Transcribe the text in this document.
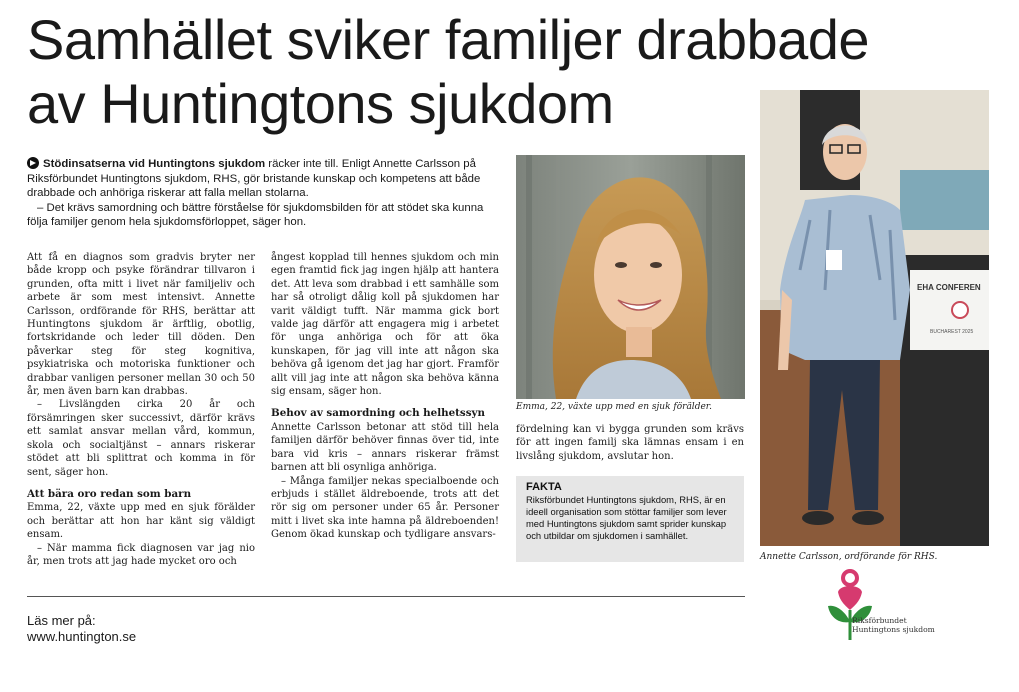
Samhället sviker familjer drabbade
av Huntingtons sjukdom

Stödinsatserna vid Huntingtons sjukdom räcker inte till. Enligt Annette Carlsson på Riksförbundet Huntingtons sjukdom, RHS, gör bristande kunskap och kompetens att både drabbade och anhöriga riskerar att falla mellan stolarna.

– Det krävs samordning och bättre förståelse för sjukdomsbilden för att stödet ska kunna följa familjer genom hela sjukdomsförloppet, säger hon.

Att få en diagnos som gradvis bryter ner både kropp och psyke förändrar tillvaron i grunden, ofta mitt i livet när familjeliv och arbete är som mest intensivt. Annette Carlsson, ordförande för RHS, berättar att Huntingtons sjukdom är ärftlig, obotlig, fortskridande och leder till döden. Den påverkar steg för steg kognitiva, psykiatriska och motoriska funktioner och drabbar vanligen personer mellan 30 och 50 år, men även barn kan drabbas.

– Livslängden cirka 20 år och försämringen sker successivt, därför krävs ett samlat ansvar mellan vård, kommun, skola och socialtjänst – annars riskerar stödet att bli splittrat och komma in för sent, säger hon.

Att bära oro redan som barn

Emma, 22, växte upp med en sjuk förälder och berättar att hon har känt sig väldigt ensam.

– När mamma fick diagnosen var jag nio år, men trots att jag hade mycket oro och

ångest kopplad till hennes sjukdom och min egen framtid fick jag ingen hjälp att hantera det. Att leva som drabbad i ett samhälle som har så otroligt dålig koll på sjukdomen har varit väldigt tufft. När mamma gick bort valde jag därför att engagera mig i arbetet för unga anhöriga och för att öka kunskapen, för jag vill inte att någon ska behöva gå igenom det jag har gjort. Framför allt vill jag inte att någon ska behöva känna sig ensam, säger hon.

Behov av samordning och helhetssyn

Annette Carlsson betonar att stöd till hela familjen därför behöver finnas över tid, inte bara vid kris – annars riskerar främst barnen att bli osynliga anhöriga.

– Många familjer nekas specialboende och erbjuds i stället äldreboende, trots att det rör sig om personer under 65 år. Personer mitt i livet ska inte hamna på äldreboenden! Genom ökad kunskap och tydligare ansvars-

Emma, 22, växte upp med en sjuk förälder.

fördelning kan vi bygga grunden som krävs för att ingen familj ska lämnas ensam i en livslång sjukdom, avslutar hon.

FAKTA
Riksförbundet Huntingtons sjukdom, RHS, är en ideell organisation som stöttar familjer som lever med Huntingtons sjukdom samt sprider kunskap och utbildar om sjukdomen i samhället.
EHA CONFEREN
BUCHAREST 2025
Annette Carlsson, ordförande för RHS.
Läs mer på:
www.huntington.se
Riksförbundet
Huntingtons sjukdom
